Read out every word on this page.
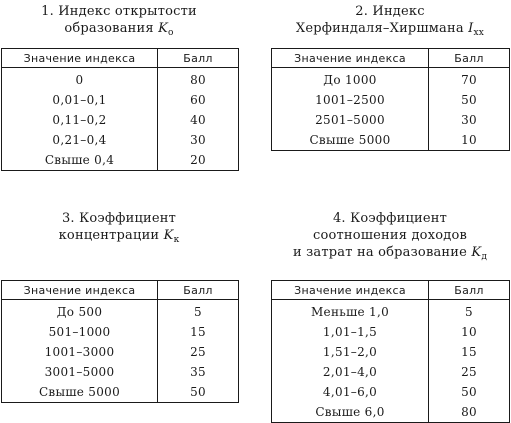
1. Индекс открытости
образования $K_о$
Значение индекса	Балл
0	80
0,01–0,1	60
0,11–0,2	40
0,21–0,4	30
Свыше 0,4	20
2. Индекс
Херфиндаля–Хиршмана $I_{хх}$
Значение индекса	Балл
До 1000	70
1001–2500	50
2501–5000	30
Свыше 5000	10
3. Коэффициент
концентрации $K_к$
Значение индекса	Балл
До 500	5
501–1000	15
1001–3000	25
3001–5000	35
Свыше 5000	50
4. Коэффициент
соотношения доходов
и затрат на образование $K_д$
Значение индекса	Балл
Меньше 1,0	5
1,01–1,5	10
1,51–2,0	15
2,01–4,0	25
4,01–6,0	50
Свыше 6,0	80
